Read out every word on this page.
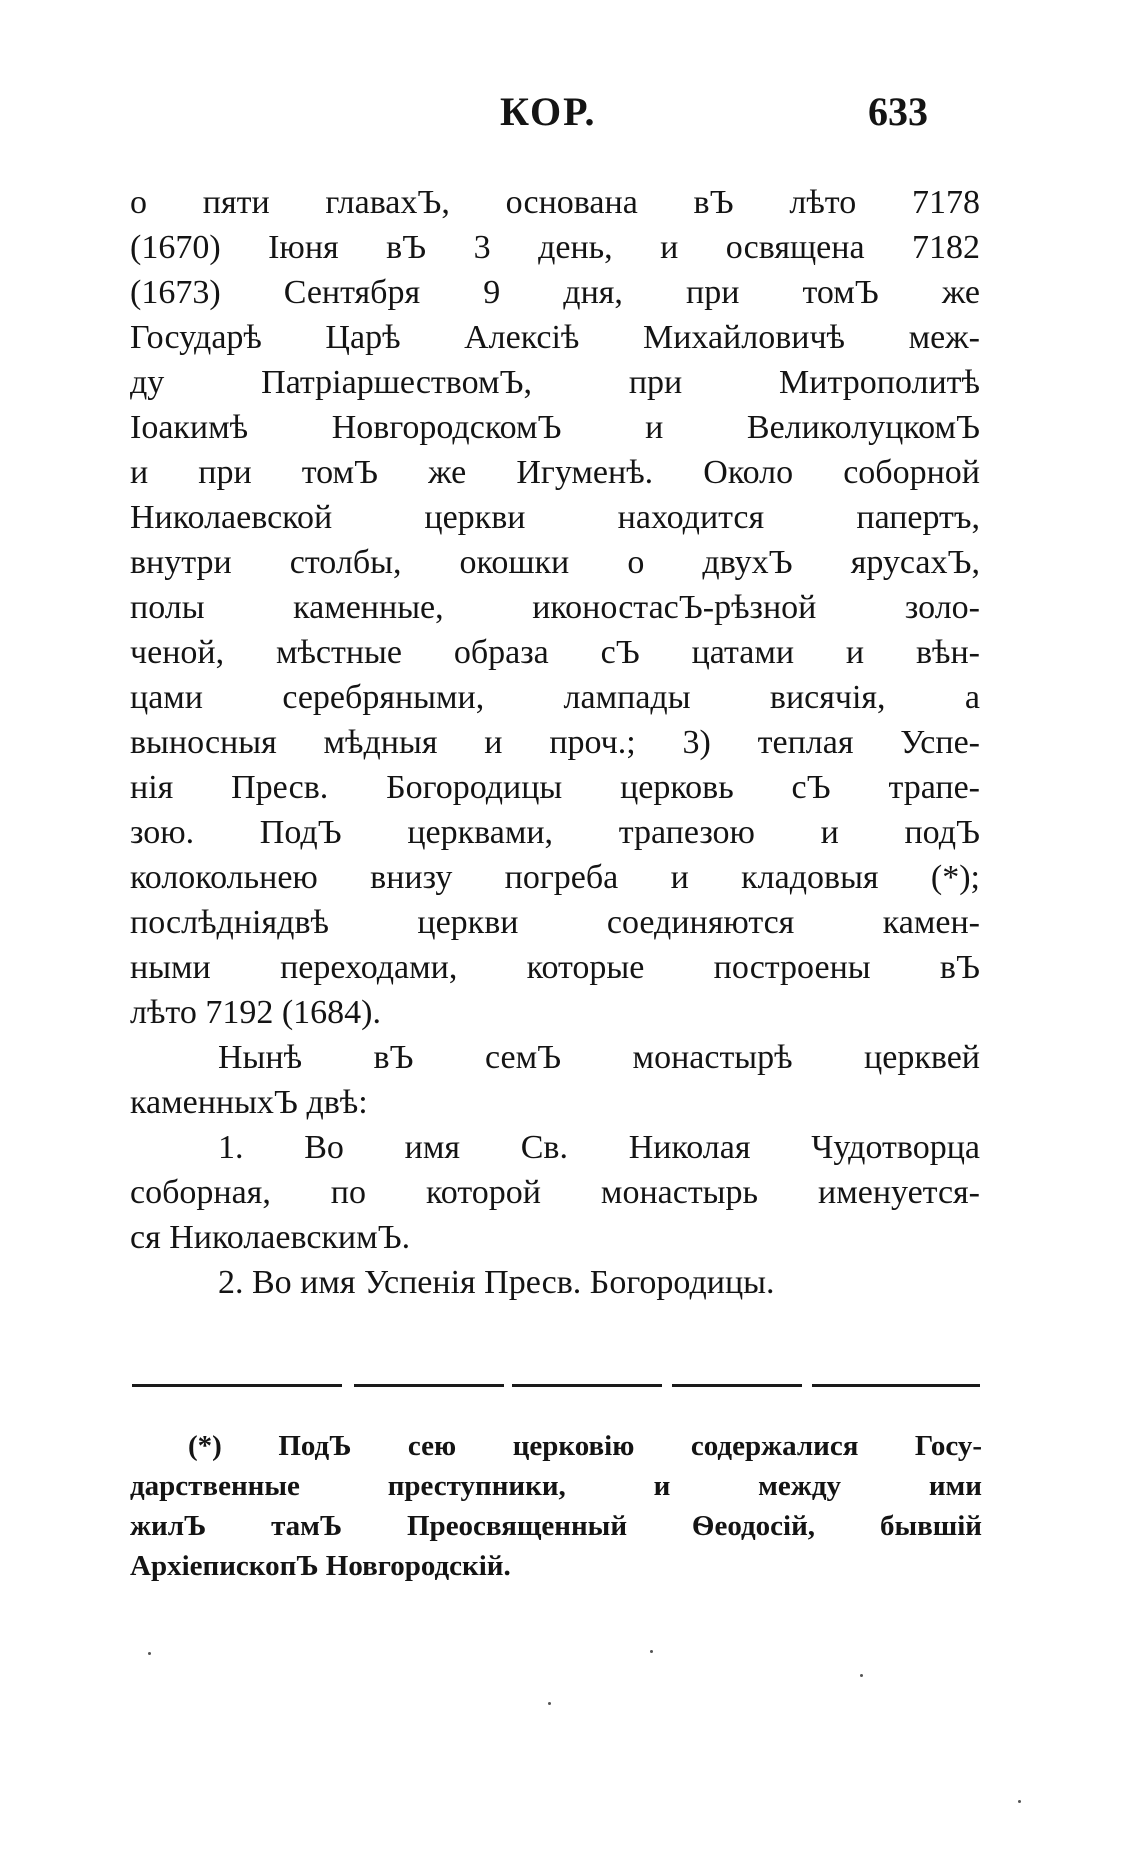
КОР.	633
о пяти главахЪ, основана вЪ лѣто 7178
(1670) Іюня вЪ 3 день, и освящена 7182
(1673) Сентября 9 дня, при томЪ же
Государѣ Царѣ Алексіѣ Михайловичѣ меж-
ду ПатріаршествомЪ, при Митрополитѣ
Іоакимѣ НовгородскомЪ и ВеликолуцкомЪ
и при томЪ же Игуменѣ. Около соборной
Николаевской церкви находится папертъ,
внутри столбы, окошки о двухЪ ярусахЪ,
полы каменные, иконостасЪ-рѣзной золо-
ченой, мѣстные образа сЪ цатами и вѣн-
цами серебряными, лампады висячія, а
выносныя мѣдныя и проч.; 3) теплая Успе-
нія Пресв. Богородицы церковь сЪ трапе-
зою. ПодЪ церквами, трапезою и подЪ
колокольнею внизу погреба и кладовыя (*);
послѣдніядвѣ церкви соединяются камен-
ными переходами, которые построены вЪ
лѣто 7192 (1684).
Нынѣ вЪ семЪ монастырѣ церквей
каменныхЪ двѣ:
1. Во имя Св. Николая Чудотворца
соборная, по которой монастырь именуется-
ся НиколаевскимЪ.
2. Во имя Успенія Пресв. Богородицы.
(*) ПодЪ сею церковію содержалися Госу-
дарственные преступники, и между ими
жилЪ тамЪ Преосвященный Ѳеодосій, бывшій
АрхіепископЪ Новгородскій.
